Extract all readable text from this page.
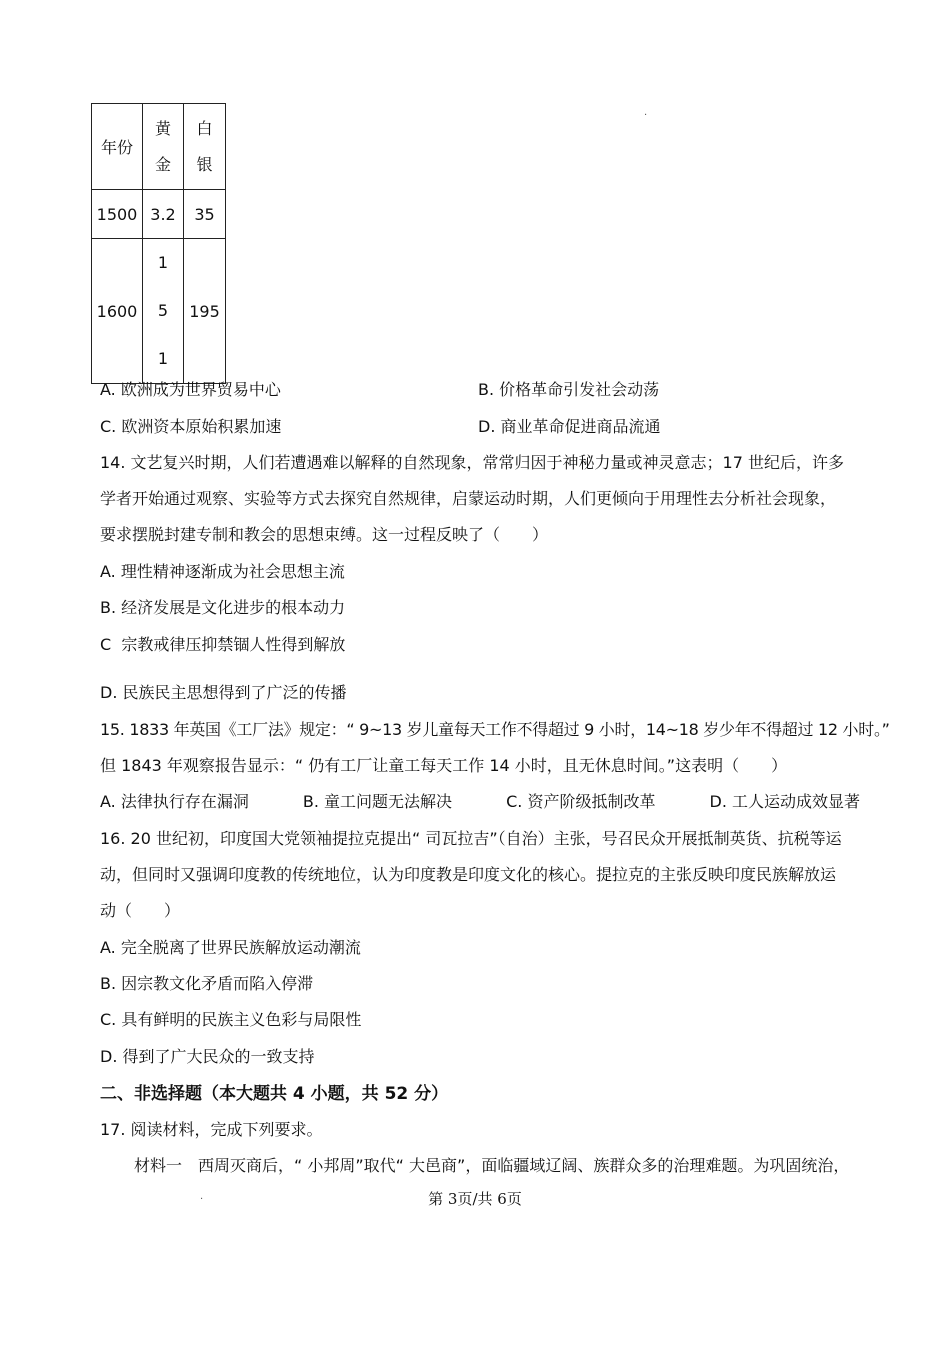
.
.
年份	黄金	白银
1500	3.2	35
1600	151	195
A. 欧洲成为世界贸易中心	B. 价格革命引发社会动荡
C. 欧洲资本原始积累加速	D. 商业革命促进商品流通
14. 文艺复兴时期，人们若遭遇难以解释的自然现象，常常归因于神秘力量或神灵意志；17 世纪后，许多
学者开始通过观察、实验等方式去探究自然规律，启蒙运动时期，人们更倾向于用理性去分析社会现象，
要求摆脱封建专制和教会的思想束缚。这一过程反映了（　　）
A. 理性精神逐渐成为社会思想主流
B. 经济发展是文化进步的根本动力
C  宗教戒律压抑禁锢人性得到解放
D. 民族民主思想得到了广泛的传播
15. 1833 年英国《工厂法》规定：“ 9~13 岁儿童每天工作不得超过 9 小时，14~18 岁少年不得超过 12 小时。”
但 1843 年观察报告显示：“ 仍有工厂让童工每天工作 14 小时，且无休息时间。”这表明（　　）
A. 法律执行存在漏洞	B. 童工问题无法解决	C. 资产阶级抵制改革	D. 工人运动成效显著
16. 20 世纪初，印度国大党领袖提拉克提出“ 司瓦拉吉”（自治）主张，号召民众开展抵制英货、抗税等运
动，但同时又强调印度教的传统地位，认为印度教是印度文化的核心。提拉克的主张反映印度民族解放运
动（　　）
A. 完全脱离了世界民族解放运动潮流
B. 因宗教文化矛盾而陷入停滞
C. 具有鲜明的民族主义色彩与局限性
D. 得到了广大民众的一致支持
二、非选择题（本大题共 4 小题，共 52 分）
17. 阅读材料，完成下列要求。
材料一　西周灭商后，“ 小邦周”取代“ 大邑商”，面临疆域辽阔、族群众多的治理难题。为巩固统治，
第 3页/共 6页
